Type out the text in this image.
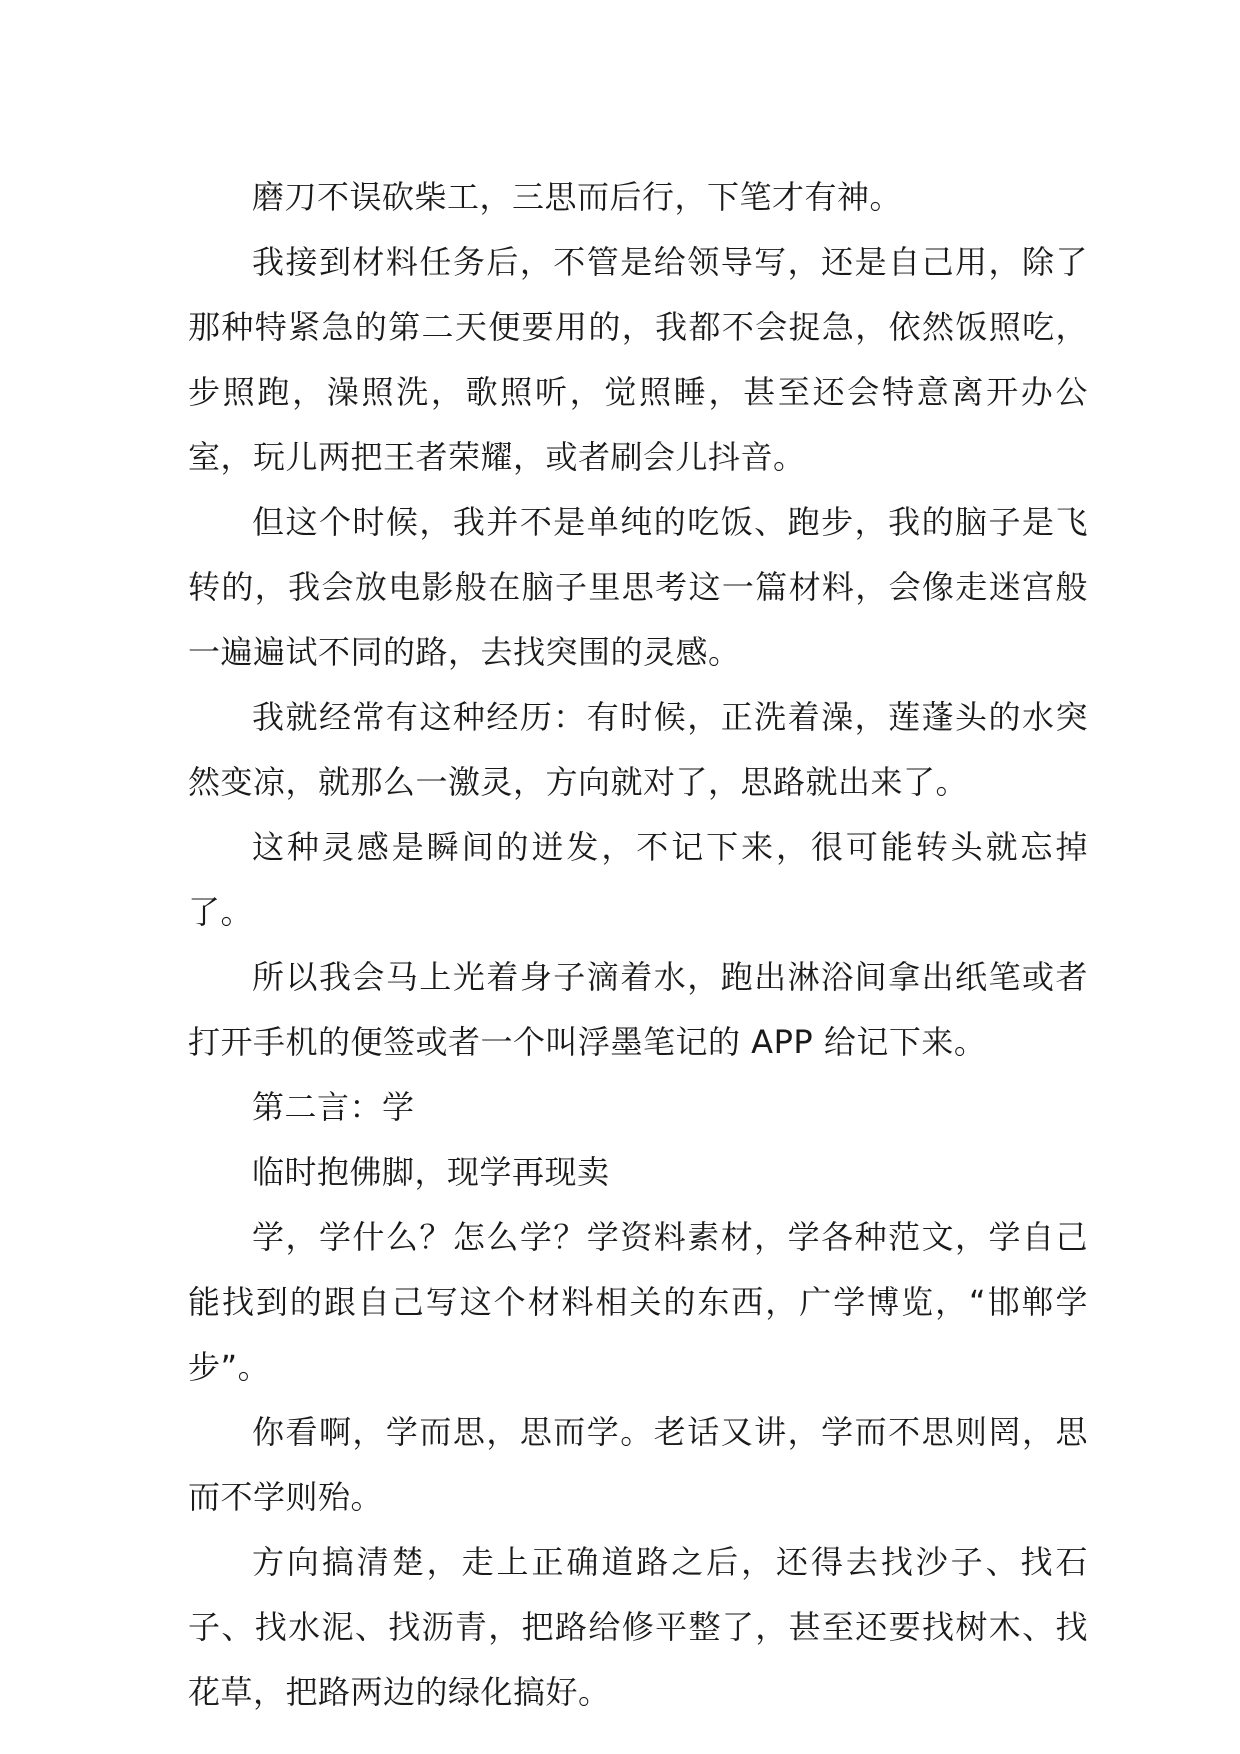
磨刀不误砍柴工，三思而后行，下笔才有神。

我接到材料任务后，不管是给领导写，还是自己用，除了那种特紧急的第二天便要用的，我都不会捉急，依然饭照吃，步照跑，澡照洗，歌照听，觉照睡，甚至还会特意离开办公室，玩儿两把王者荣耀，或者刷会儿抖音。

但这个时候，我并不是单纯的吃饭、跑步，我的脑子是飞转的，我会放电影般在脑子里思考这一篇材料，会像走迷宫般一遍遍试不同的路，去找突围的灵感。

我就经常有这种经历：有时候，正洗着澡，莲蓬头的水突然变凉，就那么一激灵，方向就对了，思路就出来了。

这种灵感是瞬间的迸发，不记下来，很可能转头就忘掉了。

所以我会马上光着身子滴着水，跑出淋浴间拿出纸笔或者打开手机的便签或者一个叫浮墨笔记的 APP 给记下来。

第二言：学

临时抱佛脚，现学再现卖

学，学什么？怎么学？学资料素材，学各种范文，学自己能找到的跟自己写这个材料相关的东西，广学博览，“邯郸学步”。

你看啊，学而思，思而学。老话又讲，学而不思则罔，思而不学则殆。

方向搞清楚，走上正确道路之后，还得去找沙子、找石子、找水泥、找沥青，把路给修平整了，甚至还要找树木、找花草，把路两边的绿化搞好。
